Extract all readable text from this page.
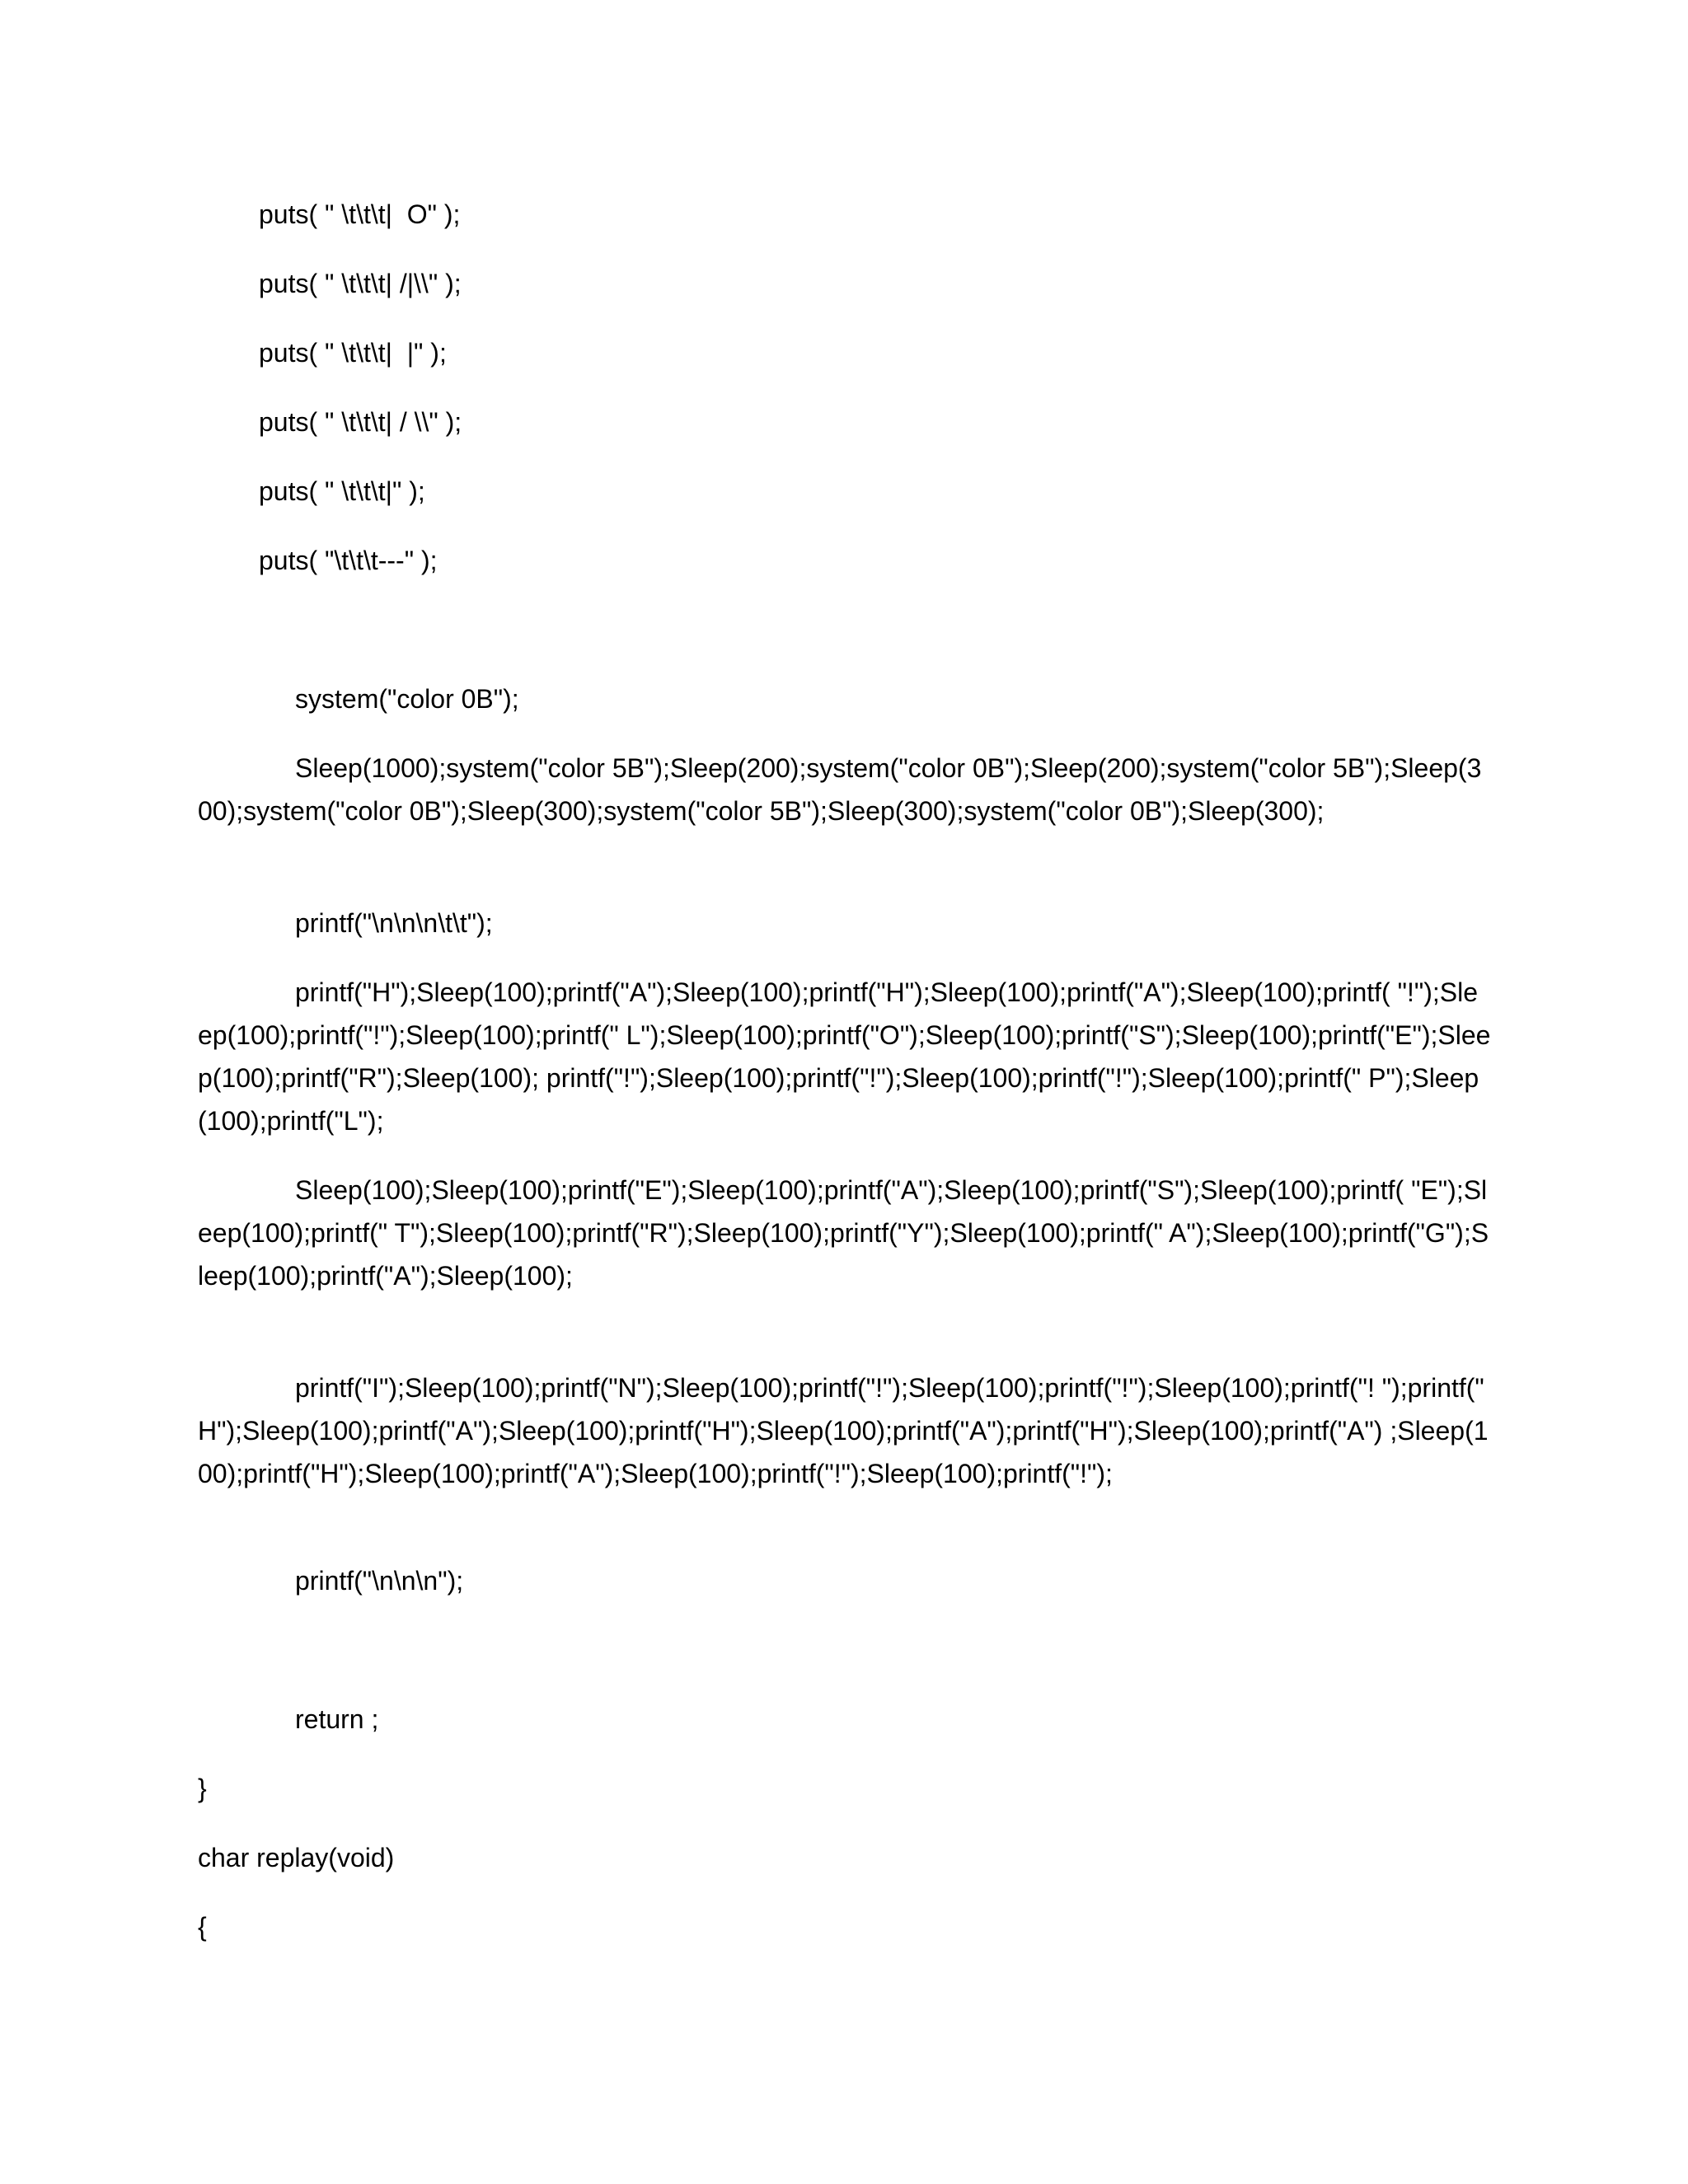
puts( " \t\t\t|  O" );

puts( " \t\t\t| /|\\" );

puts( " \t\t\t|  |" );

puts( " \t\t\t| / \\" );

puts( " \t\t\t|" );

puts( "\t\t\t---" );

system("color 0B");

Sleep(1000);system("color 5B");Sleep(200);system("color 0B");Sleep(200);system("color 5B");Sleep(300);system("color 0B");Sleep(300);system("color 5B");Sleep(300);system("color 0B");Sleep(300);

printf("\n\n\n\t\t");

printf("H");Sleep(100);printf("A");Sleep(100);printf("H");Sleep(100);printf("A");Sleep(100);printf( "!");Sleep(100);printf("!");Sleep(100);printf(" L");Sleep(100);printf("O");Sleep(100);printf("S");Sleep(100);printf("E");Sleep(100);printf("R");Sleep(100); printf("!");Sleep(100);printf("!");Sleep(100);printf("!");Sleep(100);printf(" P");Sleep(100);printf("L");

Sleep(100);Sleep(100);printf("E");Sleep(100);printf("A");Sleep(100);printf("S");Sleep(100);printf( "E");Sleep(100);printf(" T");Sleep(100);printf("R");Sleep(100);printf("Y");Sleep(100);printf(" A");Sleep(100);printf("G");Sleep(100);printf("A");Sleep(100);

printf("I");Sleep(100);printf("N");Sleep(100);printf("!");Sleep(100);printf("!");Sleep(100);printf("! ");printf(" H");Sleep(100);printf("A");Sleep(100);printf("H");Sleep(100);printf("A");printf("H");Sleep(100);printf("A") ;Sleep(100);printf("H");Sleep(100);printf("A");Sleep(100);printf("!");Sleep(100);printf("!");

printf("\n\n\n");

return ;

}

char replay(void)

{
